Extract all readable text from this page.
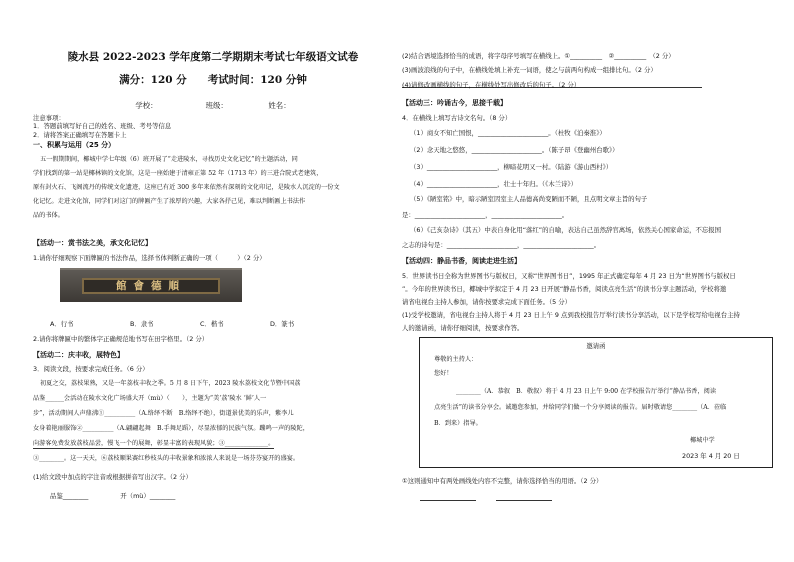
陵水县 2022-2023 学年度第二学期期末考试七年级语文试卷
满分：120 分　　考试时间：120 分钟
学校：　　　　　　　班级：　　　　　　姓名：
注意事项：
1．答题前填写好自己的姓名、班级、考号等信息
2．请将答案正确填写在答题卡上
一、积累与运用（25 分）
五一假期期间，椰城中学七年级（6）班开展了“走进陵水，寻找历史文化记忆”的主题活动，同
学们找到的第一站是椰林镇的文化馆，这是一座始建于清雍正第 52 年（1713 年）的三进合院式老建筑，
原有封火石、飞阁流丹的传统文化遗迹，这座已有近 300 多年来依然有深刻的文化印记，是陵水人沉淀的一份文
化记忆。走进文化馆，同学们对这门的牌匾产生了浓厚的兴趣，大家各抒己见，难以判断匾上书法作
品的书体。
【活动一：赏书法之美，承文化记忆】
1.请你仔细观察下面牌匾的书法作品，选择书体判断正确的一项（　　　）（2 分）
館會德順
A．行书	B．隶书	C．楷书	D．篆书
2.请你将牌匾中的繁体字正确规范地书写在田字格里。（2 分）
【活动二：庆丰收，展特色】
3．阅读文段，按要求完成任务。（6 分）
初夏之交，荔枝果熟，又是一年荔枝丰收之季。5 月 8 日下午，2023 陵水荔枝文化节暨中国荔
品鉴______会活动在陵水文化广场盛大开（mù）（　　），主题为“美‘荔’陵水 ‘鲜’人一
步”，活动期间人声鼎沸①__________（A.络绎不断　B.络绎不绝），街道景优美的乐声，紫李儿
女身着艳丽服饰②__________（A.翩翩起舞　B.手舞足蹈），尽显浓郁的民族气氛。蹦鸣一声的陵陀，
向游客免费发放荔枝品尝，慢飞一个的展舞，彰显丰富的表现风貌；③______________。
③________。这一天天，⑥荔枝顺果赛红秒枝头的丰收景象和浓浓人来说是一场芬芬宴开的盛宴。
(1)给文段中加点的字注音或根据拼音写出汉字。（2 分）
品鉴________　　　　　开（mù）________
(2)结合语境选择恰当的成语，将字母序号填写在横线上。①__________　②__________　（2 分）
(3)画波浪线的句子中，在横线处填上补充一词语，使之与前两句构成一组排比句。（2 分）
(4)请修改画横线的句子，在横线处写出修改后的句子。（2 分）
【活动三：吟诵古今，思接千载】
4．在横线上填写古诗文名句。（8 分）
（1）商女不知亡国恨，______________________。（杜牧《泊秦淮》）
（2）念天地之悠悠，______________________。（陈子昂《登幽州台歌》）
（3）______________________，柳暗花明又一村。（陆游《游山西村》）
（4）______________________，壮士十年归。（《木兰诗》）
（5）《陋室铭》中，暗示陋室因室主人品德高尚变陋而不陋，且点明文章主旨的句子
是：______________________，______________________。
（6）《己亥杂诗》（其五）中表自身化用“落红”的自喻，表达自己虽然辞官离场，依然关心国家命运，不忘报国
之志的诗句是：______________________，______________________。
【活动四：静品书香，阅读走进生活】
5．世界读书日全称为世界图书与版权日，又称“世界图书日”，1995 年正式确定每年 4 月 23 日为“世界图书与版权日
”。今年的世界读书日，椰城中学拟定于 4 月 23 日开展“静品书香，阅读点亮生活”的读书分享主题活动，学校将邀
请省电视台主持人参加，请你按要求完成下面任务。（5 分）
(1)受学校邀请，省电视台主持人将于 4 月 23 日上午 9 点到我校报告厅举行读书分享活动，以下是学校写给电视台主持
人的邀请函，请你仔细阅读，按要求作答。
邀请函
尊敬的主持人：
您好！
________（A．恭叙　B．敬叙）将于 4 月 23 日上午 9:00 在学校报告厅举行“静品书香，阅读
点亮生活”的读书分享会。诚邀您参加，并给同学们做一个分享阅读的报告。届时敬请您________（A．莅临
B．到来）指导。
椰城中学
2023 年 4 月 20 日
①这则通知中有两处画线处内容不完整，请你选择恰当的用语。（2 分）
